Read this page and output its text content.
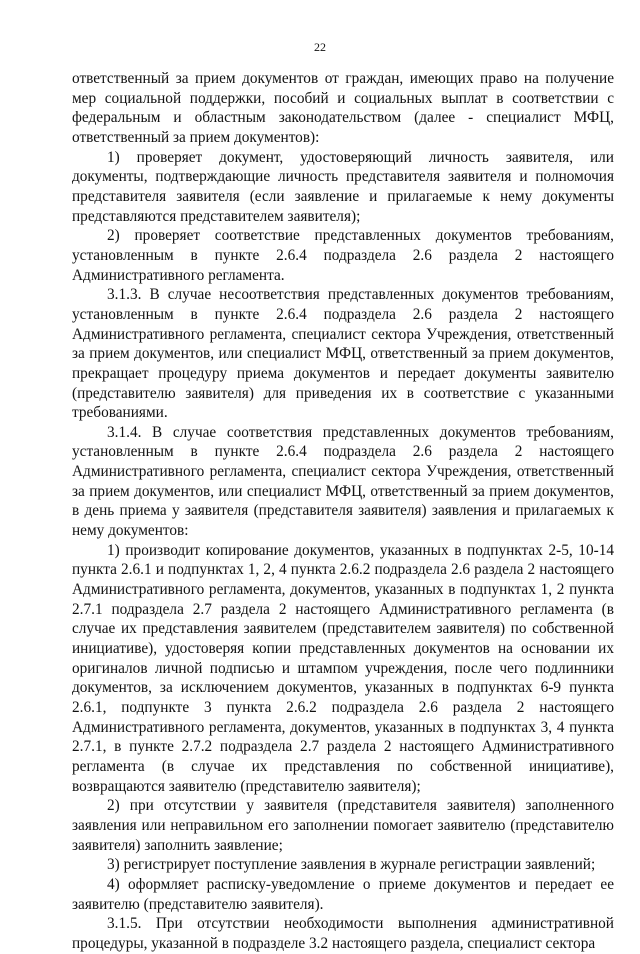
22

ответственный за прием документов от граждан, имеющих право на получение мер социальной поддержки, пособий и социальных выплат в соответствии с федеральным и областным законодательством (далее - специалист МФЦ, ответственный за прием документов):

1) проверяет документ, удостоверяющий личность заявителя, или документы, подтверждающие личность представителя заявителя и полномочия представителя заявителя (если заявление и прилагаемые к нему документы представляются представителем заявителя);

2) проверяет соответствие представленных документов требованиям, установленным в пункте 2.6.4 подраздела 2.6 раздела 2 настоящего Административного регламента.

3.1.3. В случае несоответствия представленных документов требованиям, установленным в пункте 2.6.4 подраздела 2.6 раздела 2 настоящего Административного регламента, специалист сектора Учреждения, ответственный за прием документов, или специалист МФЦ, ответственный за прием документов, прекращает процедуру приема документов и передает документы заявителю (представителю заявителя) для приведения их в соответствие с указанными требованиями.

3.1.4. В случае соответствия представленных документов требованиям, установленным в пункте 2.6.4 подраздела 2.6 раздела 2 настоящего Административного регламента, специалист сектора Учреждения, ответственный за прием документов, или специалист МФЦ, ответственный за прием документов, в день приема у заявителя (представителя заявителя) заявления и прилагаемых к нему документов:

1) производит копирование документов, указанных в подпунктах 2-5, 10-14 пункта 2.6.1 и подпунктах 1, 2, 4 пункта 2.6.2 подраздела 2.6 раздела 2 настоящего Административного регламента, документов, указанных в подпунктах 1, 2 пункта 2.7.1 подраздела 2.7 раздела 2 настоящего Административного регламента (в случае их представления заявителем (представителем заявителя) по собственной инициативе), удостоверяя копии представленных документов на основании их оригиналов личной подписью и штампом учреждения, после чего подлинники документов, за исключением документов, указанных в подпунктах 6-9 пункта 2.6.1, подпункте 3 пункта 2.6.2 подраздела 2.6 раздела 2 настоящего Административного регламента, документов, указанных в подпунктах 3, 4 пункта 2.7.1, в пункте 2.7.2 подраздела 2.7 раздела 2 настоящего Административного регламента (в случае их представления по собственной инициативе), возвращаются заявителю (представителю заявителя);

2) при отсутствии у заявителя (представителя заявителя) заполненного заявления или неправильном его заполнении помогает заявителю (представителю заявителя) заполнить заявление;

3) регистрирует поступление заявления в журнале регистрации заявлений;

4) оформляет расписку-уведомление о приеме документов и передает ее заявителю (представителю заявителя).

3.1.5. При отсутствии необходимости выполнения административной процедуры, указанной в подразделе 3.2 настоящего раздела, специалист сектора
